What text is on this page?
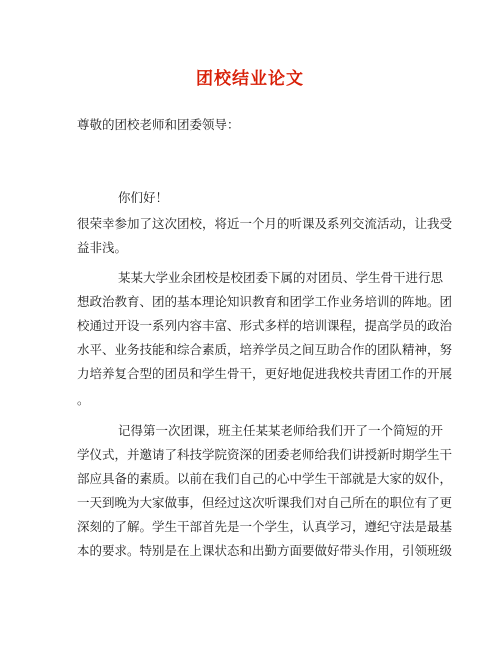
团校结业论文
尊敬的团校老师和团委领导：
你们好！
很荣幸参加了这次团校，将近一个月的听课及系列交流活动，让我受
益非浅。
某某大学业余团校是校团委下属的对团员、学生骨干进行思
想政治教育、团的基本理论知识教育和团学工作业务培训的阵地。团
校通过开设一系列内容丰富、形式多样的培训课程，提高学员的政治
水平、业务技能和综合素质，培养学员之间互助合作的团队精神，努
力培养复合型的团员和学生骨干，更好地促进我校共青团工作的开展
。
记得第一次团课，班主任某某老师给我们开了一个简短的开
学仪式，并邀请了科技学院资深的团委老师给我们讲授新时期学生干
部应具备的素质。以前在我们自己的心中学生干部就是大家的奴仆，
一天到晚为大家做事，但经过这次听课我们对自己所在的职位有了更
深刻的了解。学生干部首先是一个学生，认真学习，遵纪守法是最基
本的要求。特别是在上课状态和出勤方面要做好带头作用，引领班级
